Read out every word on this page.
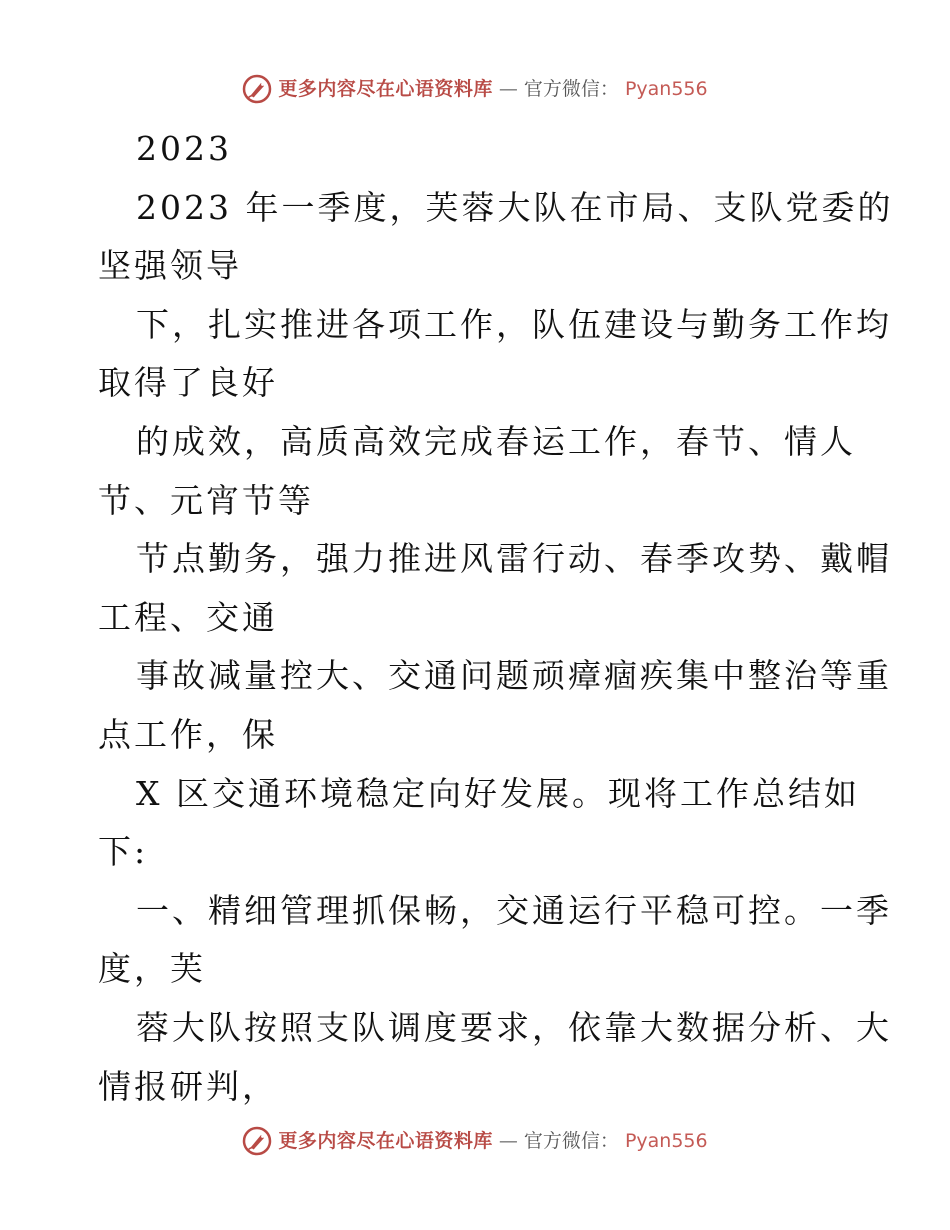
更多内容尽在心语资料库 — 官方微信： Pyan556
2023
2023 年一季度，芙蓉大队在市局、支队党委的
坚强领导
下，扎实推进各项工作，队伍建设与勤务工作均
取得了良好
的成效，高质高效完成春运工作，春节、情人
节、元宵节等
节点勤务，强力推进风雷行动、春季攻势、戴帽
工程、交通
事故减量控大、交通问题顽瘴痼疾集中整治等重
点工作，保
X 区交通环境稳定向好发展。现将工作总结如
下:
一、精细管理抓保畅，交通运行平稳可控。一季
度，芙
蓉大队按照支队调度要求，依靠大数据分析、大
情报研判，
更多内容尽在心语资料库 — 官方微信： Pyan556
